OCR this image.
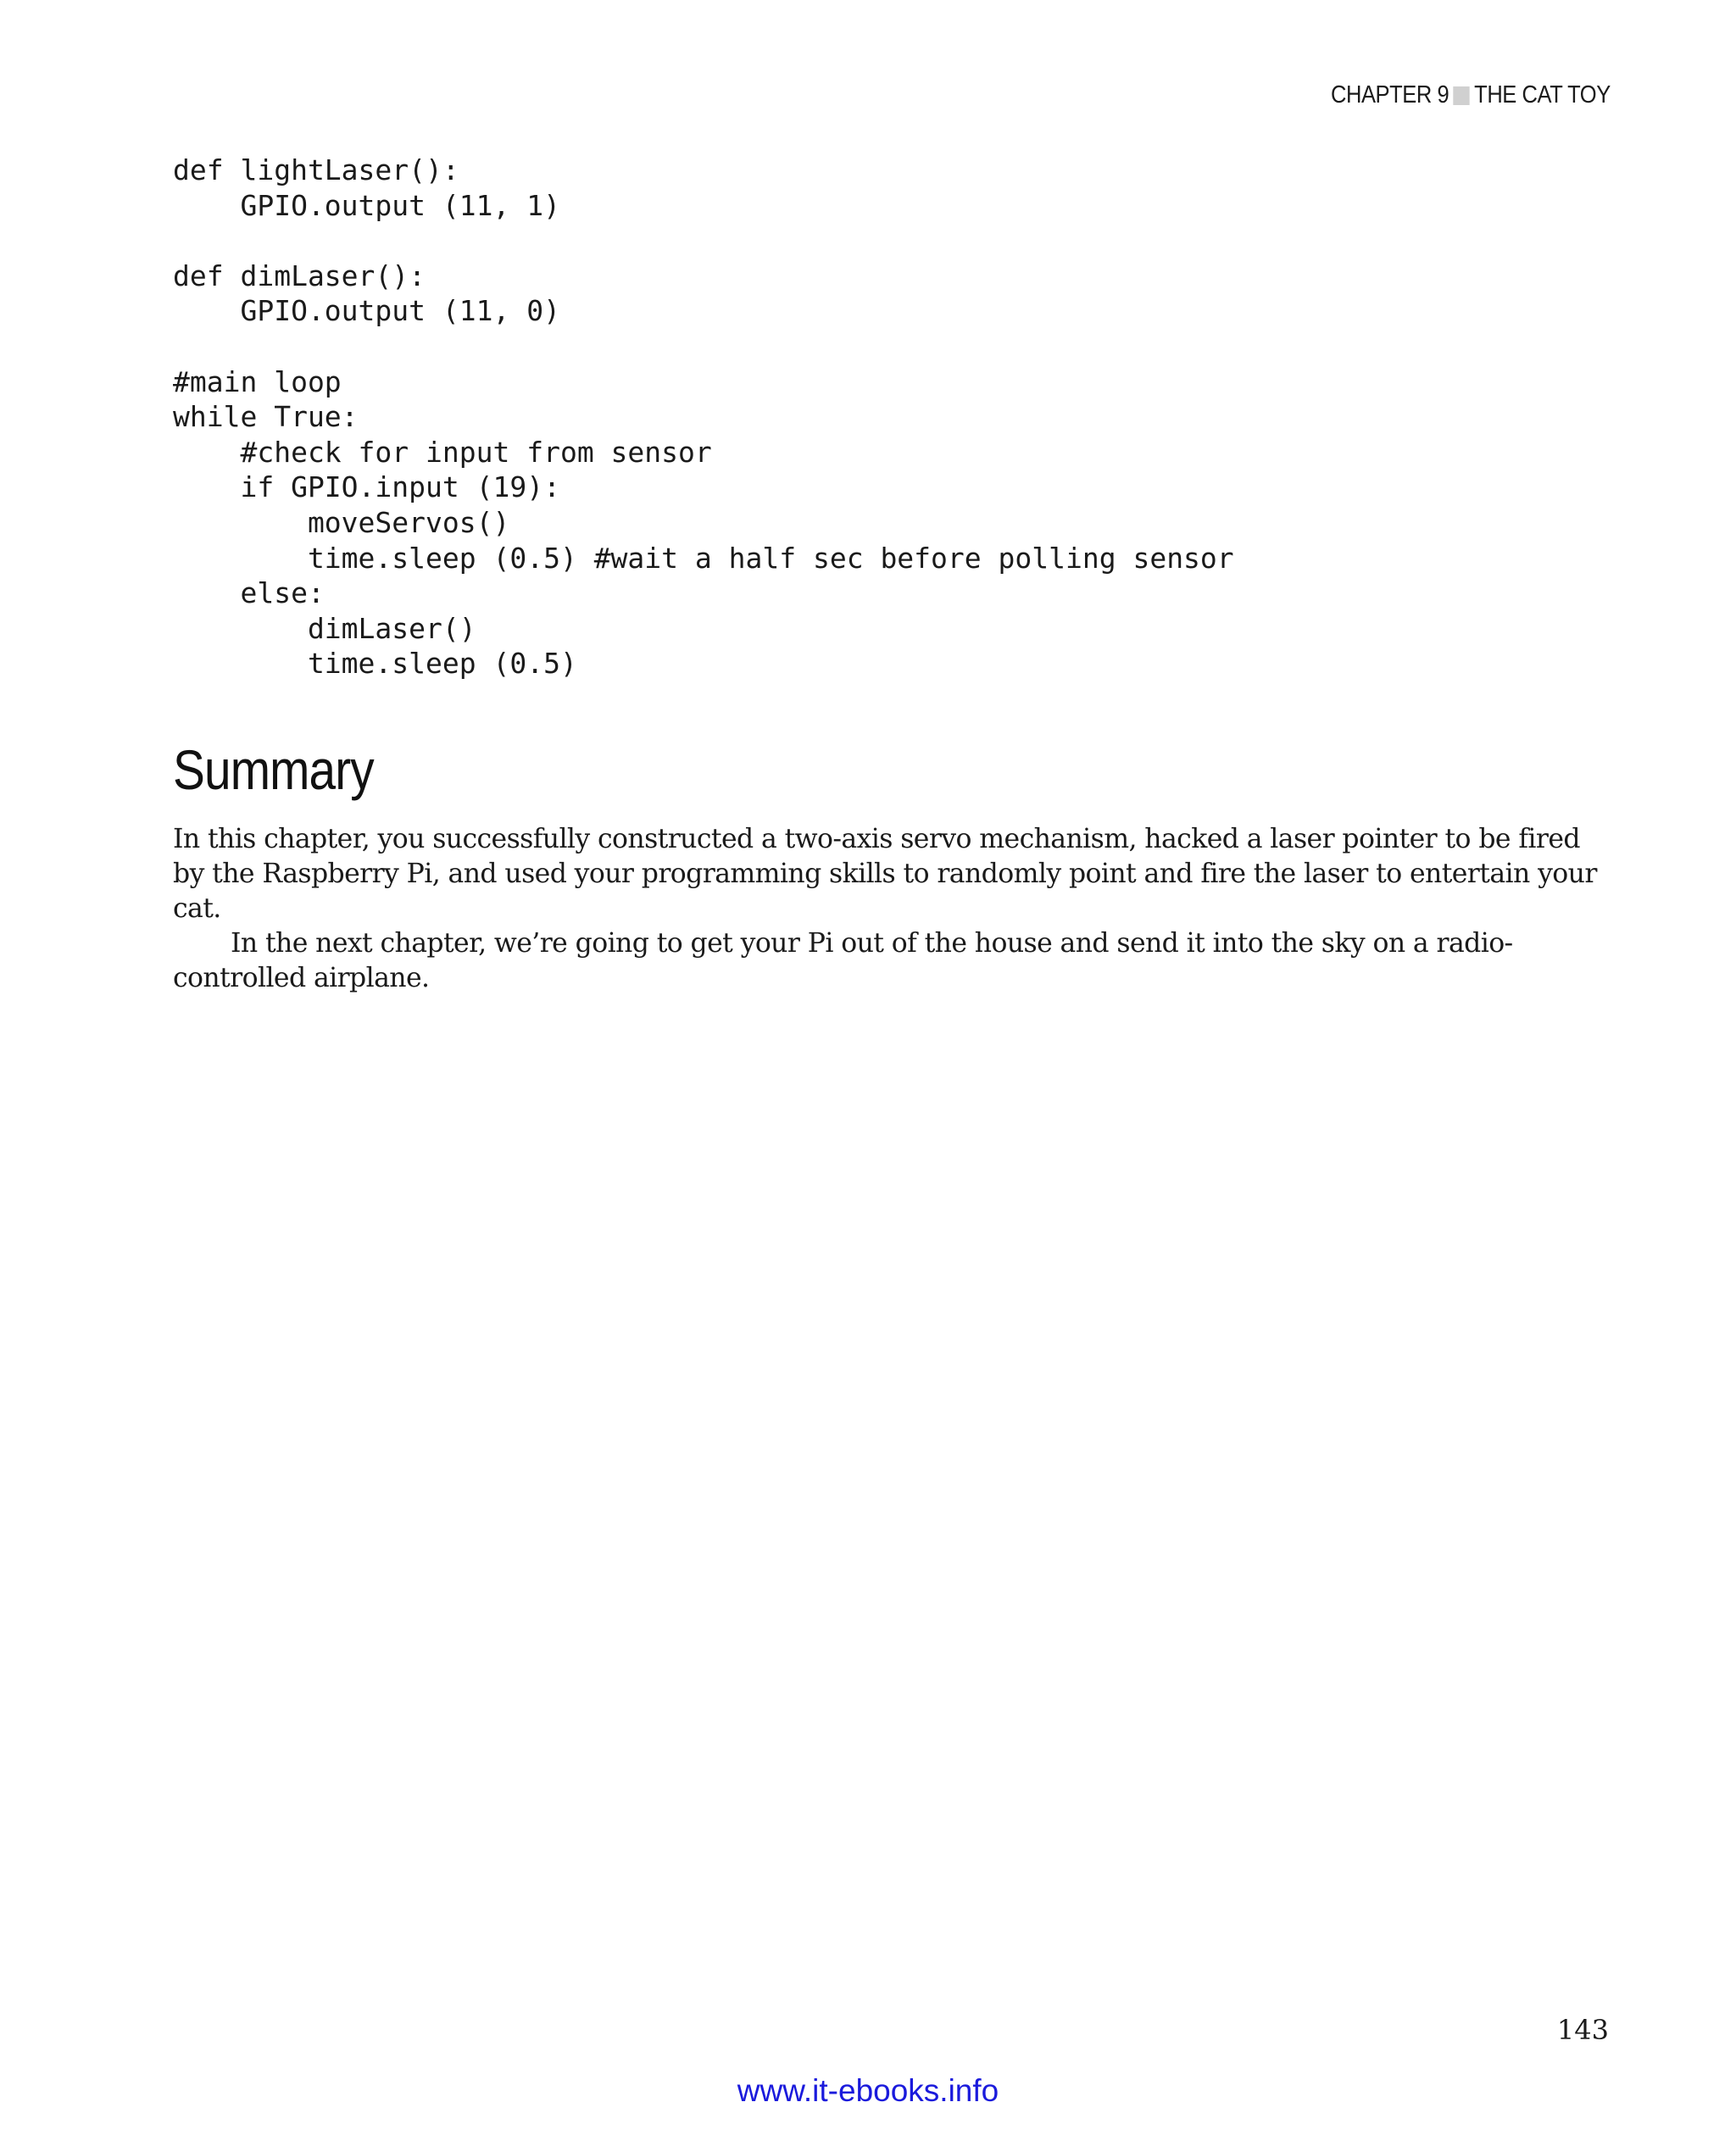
CHAPTER 9 THE CAT TOY
def lightLaser():
GPIO.output (11, 1)

def dimLaser():
GPIO.output (11, 0)

#main loop
while True:
#check for input from sensor
if GPIO.input (19):
moveServos()
time.sleep (0.5) #wait a half sec before polling sensor
else:
dimLaser()
time.sleep (0.5)
Summary

In this chapter, you successfully constructed a two-axis servo mechanism, hacked a laser pointer to be fired by the Raspberry Pi, and used your programming skills to randomly point and fire the laser to entertain your cat.

In the next chapter, we’re going to get your Pi out of the house and send it into the sky on a radio-controlled airplane.

143
www.it-ebooks.info
